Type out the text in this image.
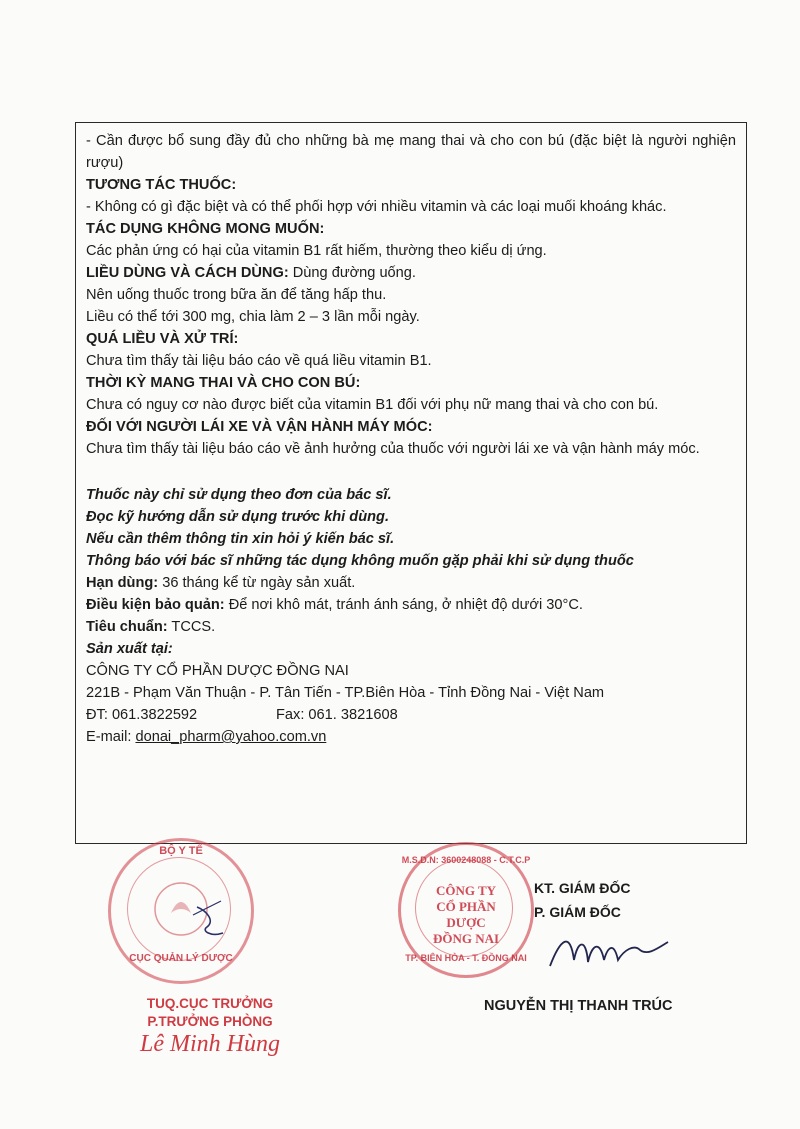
- Cần được bổ sung đầy đủ cho những bà mẹ mang thai và cho con bú (đặc biệt là người nghiện rượu)

TƯƠNG TÁC THUỐC:

- Không có gì đặc biệt và có thể phối hợp với nhiều vitamin và các loại muối khoáng khác.

TÁC DỤNG KHÔNG MONG MUỐN:

Các phản ứng có hại của vitamin B1 rất hiếm, thường theo kiểu dị ứng.

LIỀU DÙNG VÀ CÁCH DÙNG: Dùng đường uống.

Nên uống thuốc trong bữa ăn để tăng hấp thu.

Liều có thể tới 300 mg, chia làm 2 – 3 lần mỗi ngày.

QUÁ LIỀU VÀ XỬ TRÍ:

Chưa tìm thấy tài liệu báo cáo về quá liều vitamin B1.

THỜI KỲ MANG THAI VÀ CHO CON BÚ:

Chưa có nguy cơ nào được biết của vitamin B1 đối với phụ nữ mang thai và cho con bú.

ĐỐI VỚI NGƯỜI LÁI XE VÀ VẬN HÀNH MÁY MÓC:

Chưa tìm thấy tài liệu báo cáo về ảnh hưởng của thuốc với người lái xe và vận hành máy móc.

Thuốc này chỉ sử dụng theo đơn của bác sĩ.

Đọc kỹ hướng dẫn sử dụng trước khi dùng.

Nếu cần thêm thông tin xin hỏi ý kiến bác sĩ.

Thông báo với bác sĩ những tác dụng không muốn gặp phải khi sử dụng thuốc

Hạn dùng: 36 tháng kể từ ngày sản xuất.

Điều kiện bảo quản: Để nơi khô mát, tránh ánh sáng, ở nhiệt độ dưới 30°C.

Tiêu chuẩn: TCCS.

Sản xuất tại:

CÔNG TY CỔ PHẦN DƯỢC ĐỒNG NAI

221B - Phạm Văn Thuận - P. Tân Tiến - TP.Biên Hòa - Tỉnh Đồng Nai - Việt Nam

ĐT: 061.3822592	Fax: 061. 3821608

E-mail: donai_pharm@yahoo.com.vn

BỘ Y TẾ
CỤC QUẢN LÝ DƯỢC
M.S.D.N: 3600248088 - C.T.C.P
CÔNG TY CỔ PHẦN DƯỢC ĐỒNG NAI
TP. BIÊN HÒA - T. ĐỒNG NAI
TUQ.CỤC TRƯỞNG
P.TRƯỞNG PHÒNG
Lê Minh Hùng
KT. GIÁM ĐỐC
P. GIÁM ĐỐC
NGUYỄN THỊ THANH TRÚC
